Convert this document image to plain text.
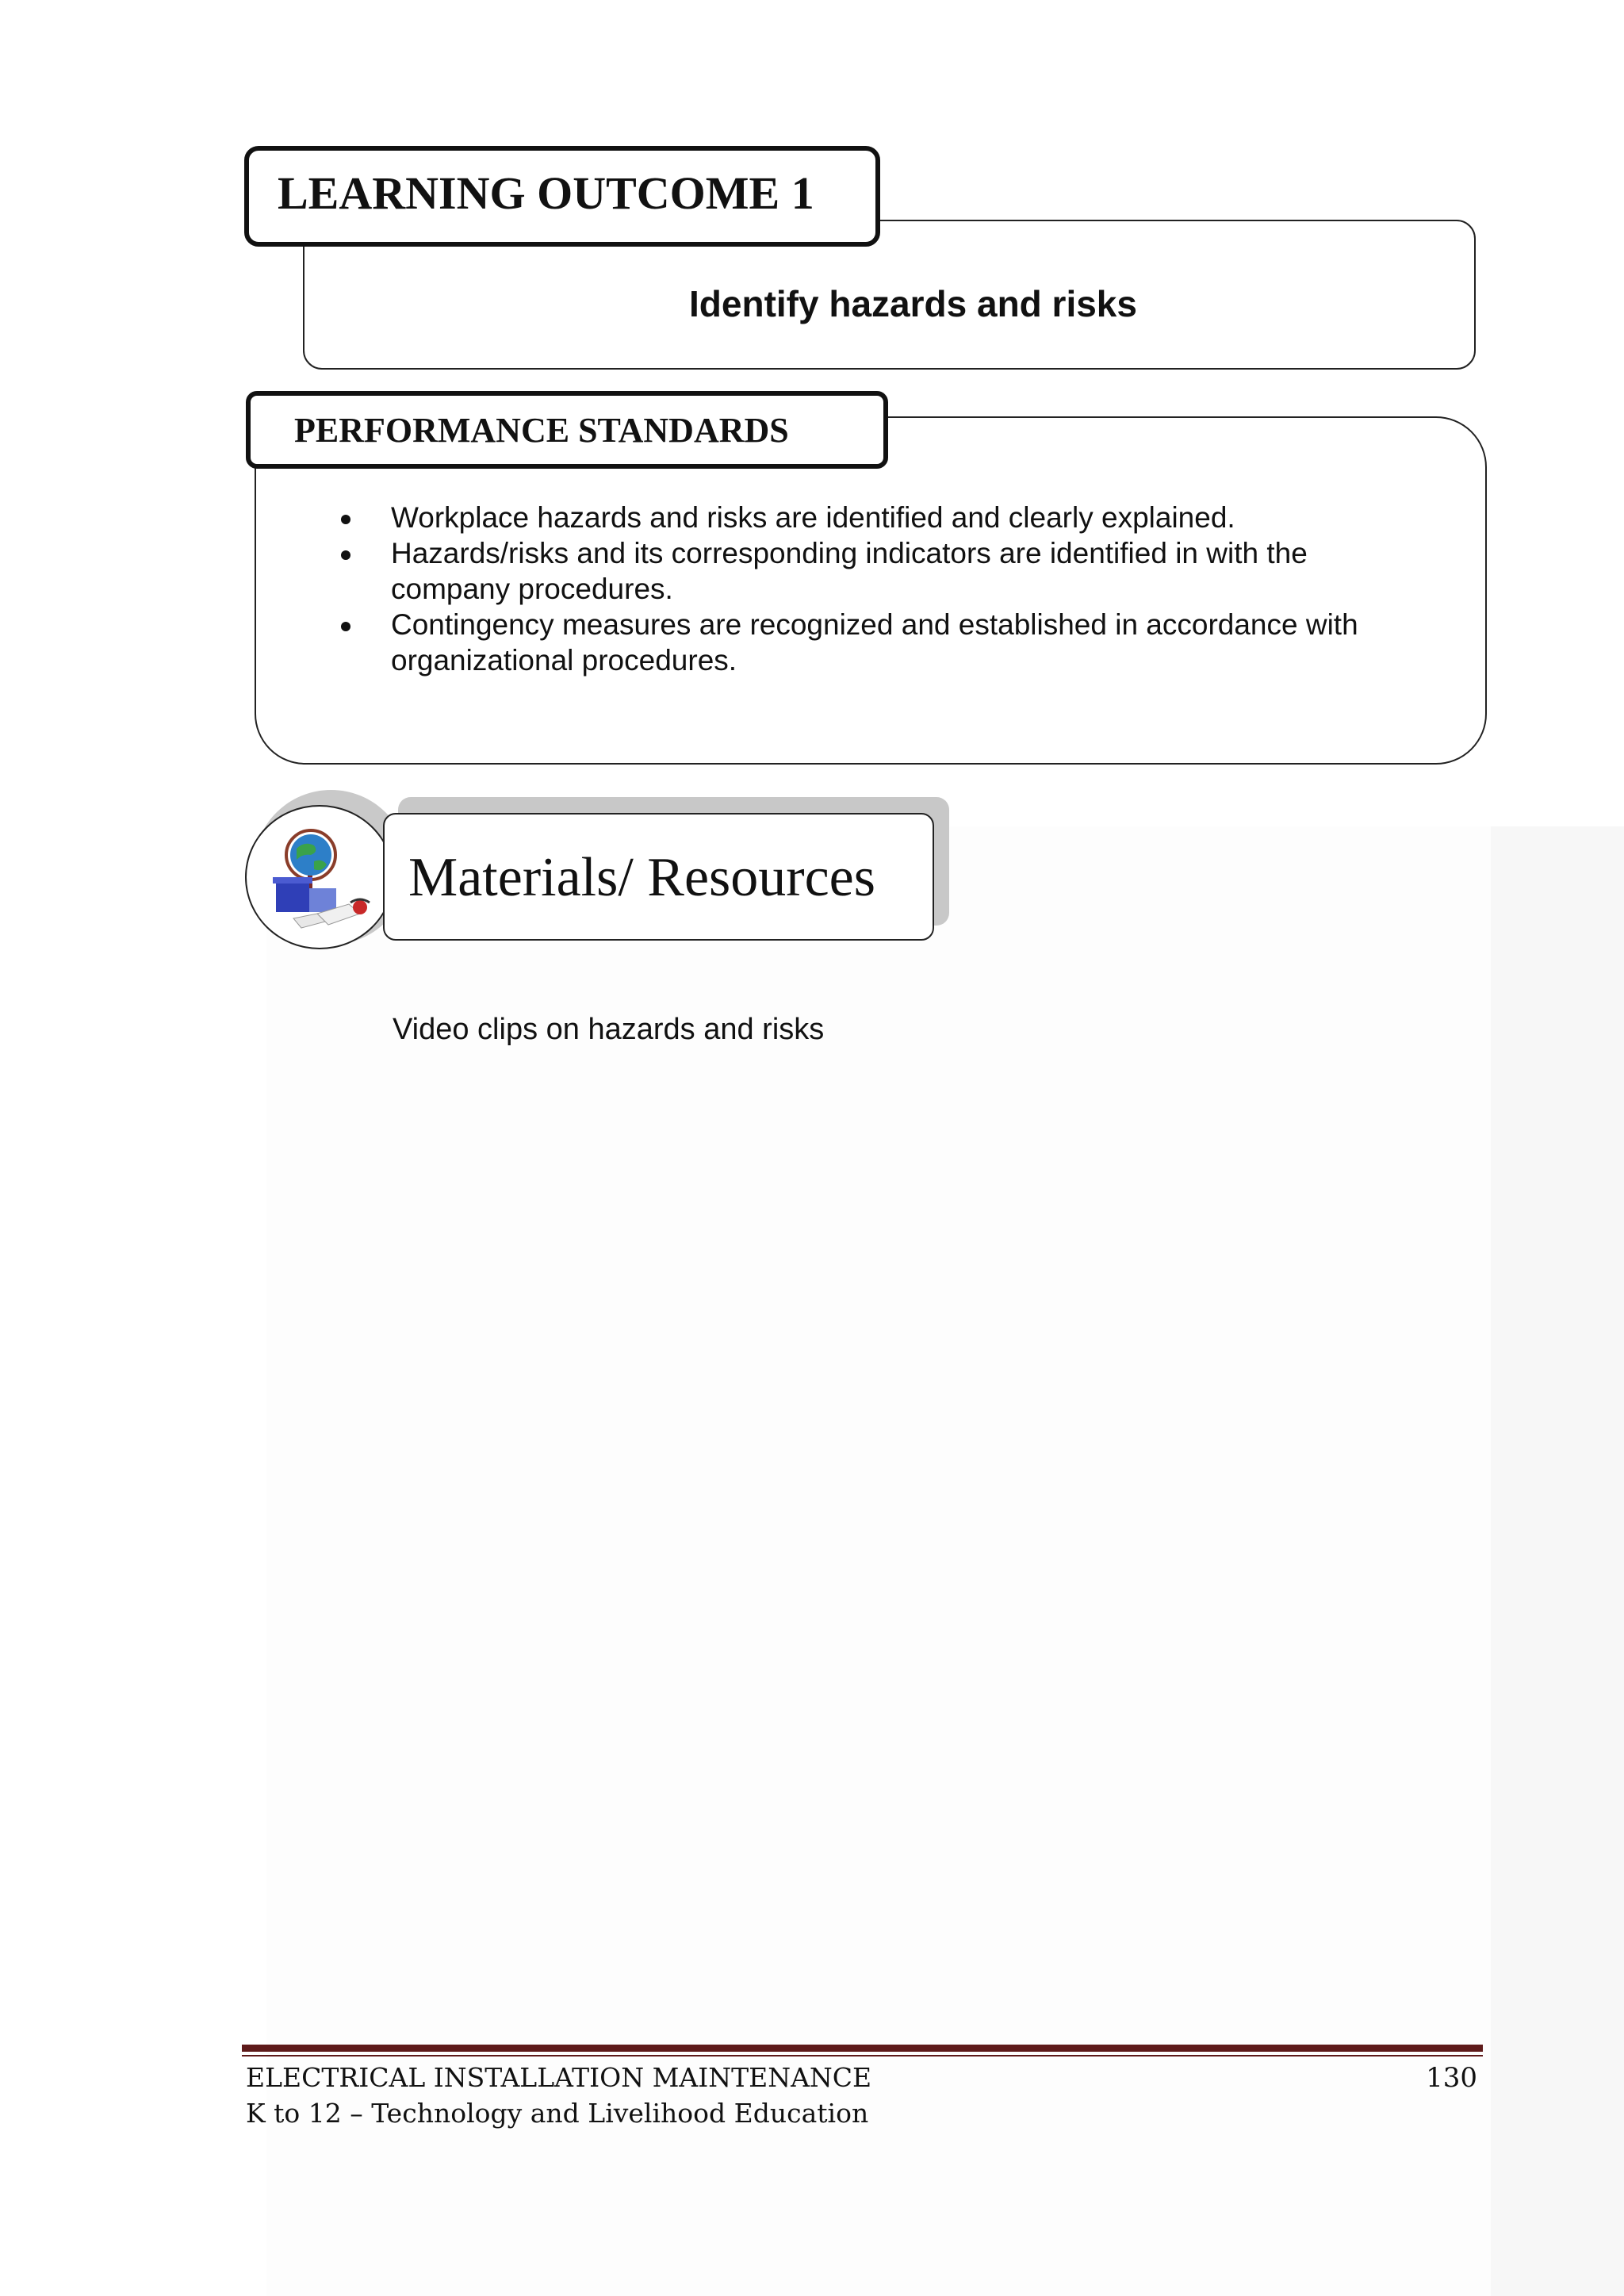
Identify hazards and risks
LEARNING OUTCOME 1
PERFORMANCE STANDARDS
Workplace hazards and risks are identified and clearly explained.
Hazards/risks and its corresponding indicators are identified in with the company procedures.
Contingency measures are recognized and established in accordance with organizational procedures.
Materials/ Resources
Video clips on hazards and risks
ELECTRICAL INSTALLATION MAINTENANCE
K to 12 – Technology and Livelihood Education
130
